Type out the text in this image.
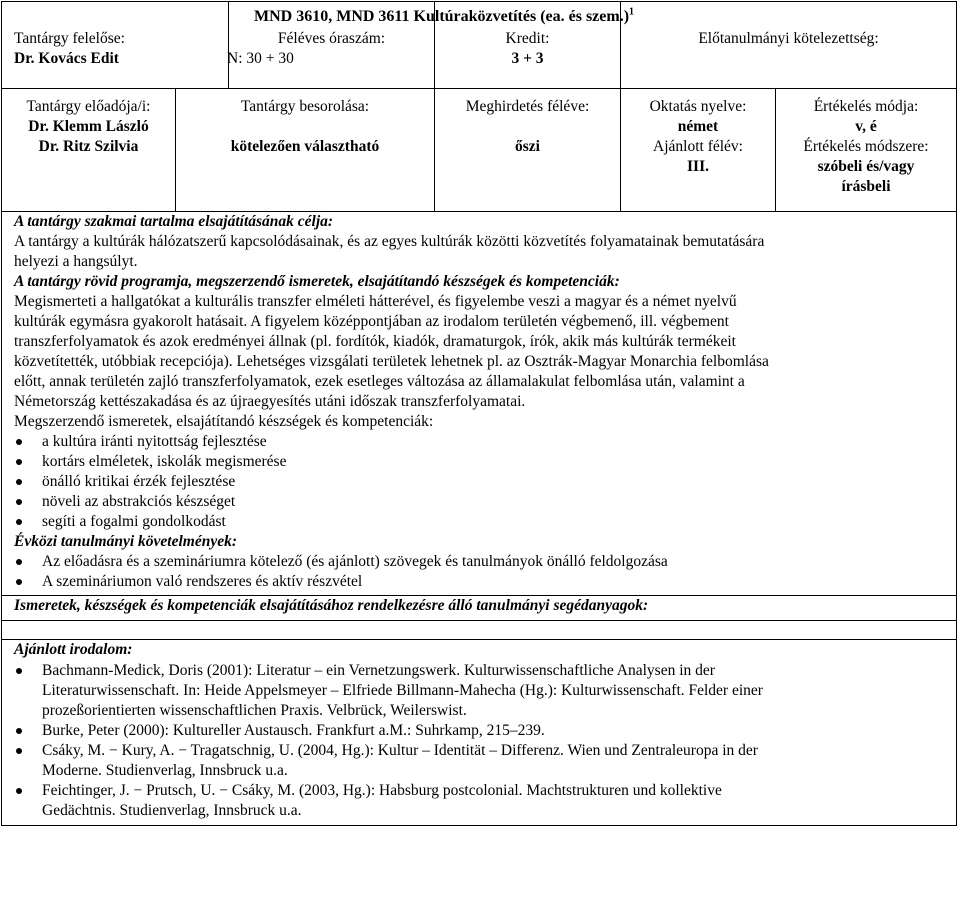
MND 3610, MND 3611 Kultúraközvetítés (ea. és szem.)$^1$
Tantárgy felelőse:
Dr. Kovács Edit
Féléves óraszám:
N: 30 + 30
Kredit:
3 + 3
Előtanulmányi kötelezettség:
Tantárgy előadója/i:
Dr. Klemm László
Dr. Ritz Szilvia
Tantárgy besorolása:
kötelezően választható
Meghirdetés féléve:
őszi
Oktatás nyelve:
német
Ajánlott félév:
III.
Értékelés módja:
v, é
Értékelés módszere:
szóbeli és/vagy
írásbeli

A tantárgy szakmai tartalma elsajátításának célja:

A tantárgy a kultúrák hálózatszerű kapcsolódásainak, és az egyes kultúrák közötti közvetítés folyamatainak bemutatására

helyezi a hangsúlyt.

A tantárgy rövid programja, megszerzendő ismeretek, elsajátítandó készségek és kompetenciák:

Megismerteti a hallgatókat a kulturális transzfer elméleti hátterével, és figyelembe veszi a magyar és a német nyelvű

kultúrák egymásra gyakorolt hatásait. A figyelem középpontjában az irodalom területén végbemenő, ill. végbement

transzferfolyamatok és azok eredményei állnak (pl. fordítók, kiadók, dramaturgok, írók, akik más kultúrák termékeit

közvetítették, utóbbiak recepciója). Lehetséges vizsgálati területek lehetnek pl. az Osztrák-Magyar Monarchia felbomlása

előtt, annak területén zajló transzferfolyamatok, ezek esetleges változása az államalakulat felbomlása után, valamint a

Németország kettészakadása és az újraegyesítés utáni időszak transzferfolyamatai.

Megszerzendő ismeretek, elsajátítandó készségek és kompetenciák:

a kultúra iránti nyitottság fejlesztése
kortárs elméletek, iskolák megismerése
önálló kritikai érzék fejlesztése
növeli az abstrakciós készséget
segíti a fogalmi gondolkodást

Évközi tanulmányi követelmények:

Az előadásra és a szemináriumra kötelező (és ajánlott) szövegek és tanulmányok önálló feldolgozása
A szemináriumon való rendszeres és aktív részvétel

Ismeretek, készségek és kompetenciák elsajátításához rendelkezésre álló tanulmányi segédanyagok:

Ajánlott irodalom:

Bachmann-Medick, Doris (2001): Literatur – ein Vernetzungswerk. Kulturwissenschaftliche Analysen in der
Literaturwissenschaft. In: Heide Appelsmeyer – Elfriede Billmann-Mahecha (Hg.): Kulturwissenschaft. Felder einer
prozeßorientierten wissenschaftlichen Praxis. Velbrück, Weilerswist.
Burke, Peter (2000): Kultureller Austausch. Frankfurt a.M.: Suhrkamp, 215–239.
Csáky, M. − Kury, A. − Tragatschnig, U. (2004, Hg.): Kultur – Identität – Differenz. Wien und Zentraleuropa in der
Moderne. Studienverlag, Innsbruck u.a.
Feichtinger, J. − Prutsch, U. − Csáky, M. (2003, Hg.): Habsburg postcolonial. Machtstrukturen und kollektive
Gedächtnis. Studienverlag, Innsbruck u.a.
